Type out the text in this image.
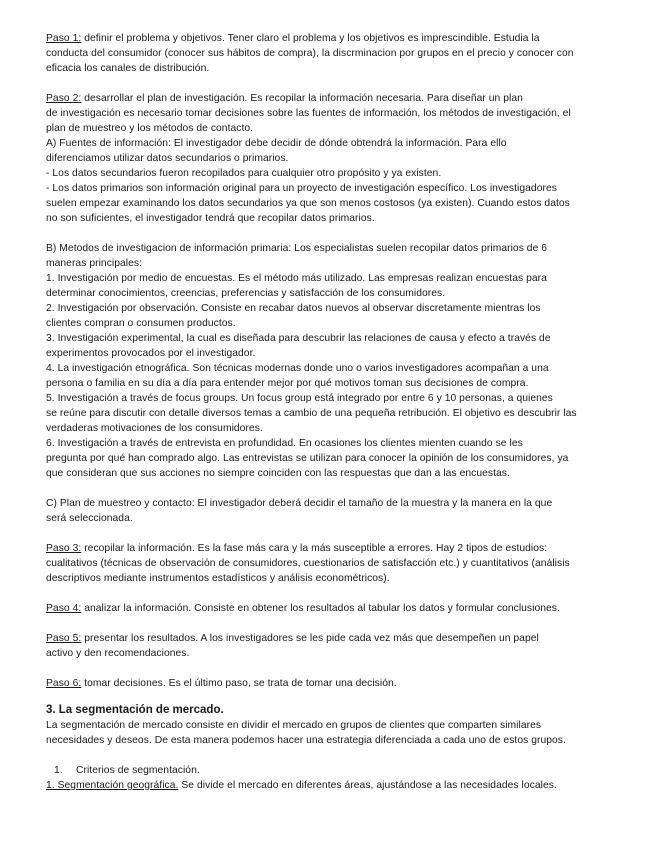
Paso 1: definir el problema y objetivos. Tener claro el problema y los objetivos es imprescindible. Estudia la

conducta del consumidor (conocer sus hábitos de compra), la discrminacion por grupos en el precio y conocer con

eficacia los canales de distribución.

Paso 2: desarrollar el plan de investigación. Es recopilar la información necesaria. Para diseñar un plan

de investigación es necesario tomar decisiones sobre las fuentes de información, los métodos de investigación, el

plan de muestreo y los métodos de contacto.

A) Fuentes de información: El investigador debe decidir de dónde obtendrá la información. Para ello

diferenciamos utilizar datos secundarios o primarios.

- Los datos secundarios fueron recopilados para cualquier otro propósito y ya existen.

- Los datos primarios son información original para un proyecto de investigación específico. Los investigadores

suelen empezar examinando los datos secundarios ya que son menos costosos (ya existen). Cuando estos datos

no son suficientes, el investigador tendrá que recopilar datos primarios.

B) Metodos de investigacion de información primaria: Los especialistas suelen recopilar datos primarios de 6

maneras principales:

1. Investigación por medio de encuestas. Es el método más utilizado. Las empresas realizan encuestas para

determinar conocimientos, creencias, preferencias y satisfacción de los consumidores.

2. Investigación por observación. Consiste en recabar datos nuevos al observar discretamente mientras los

clientes compran o consumen productos.

3. Investigación experimental, la cual es diseñada para descubrir las relaciones de causa y efecto a través de

experimentos provocados por el investigador.

4. La investigación etnográfica. Son técnicas modernas donde uno o varios investigadores acompañan a una

persona o familia en su día a día para entender mejor por qué motivos toman sus decisiones de compra.

5. Investigación a través de focus groups. Un focus group está integrado por entre 6 y 10 personas, a quienes

se reúne para discutir con detalle diversos temas a cambio de una pequeña retribución. El objetivo es descubrir las

verdaderas motivaciones de los consumidores.

6. Investigación a través de entrevista en profundidad. En ocasiones los clientes mienten cuando se les

pregunta por qué han comprado algo. Las entrevistas se utilizan para conocer la opinión de los consumidores, ya

que consideran que sus acciones no siempre coinciden con las respuestas que dan a las encuestas.

C) Plan de muestreo y contacto: El investigador deberá decidir el tamaño de la muestra y la manera en la que

será seleccionada.

Paso 3: recopilar la información. Es la fase más cara y la más susceptible a errores. Hay 2 tipos de estudios:

cualitativos (técnicas de observación de consumidores, cuestionarios de satisfacción etc.) y cuantitativos (análisis

descriptivos mediante instrumentos estadísticos y análisis econométricos).

Paso 4: analizar la información. Consiste en obtener los resultados al tabular los datos y formular conclusiones.

Paso 5: presentar los resultados. A los investigadores se les pide cada vez más que desempeñen un papel

activo y den recomendaciones.

Paso 6: tomar decisiones. Es el último paso, se trata de tomar una decisión.

3. La segmentación de mercado.

La segmentación de mercado consiste en dividir el mercado en grupos de clientes que comparten similares

necesidades y deseos. De esta manera podemos hacer una estrategia diferenciada a cada uno de estos grupos.

1. Criterios de segmentación.

1. Segmentación geográfica. Se divide el mercado en diferentes áreas, ajustándose a las necesidades locales.
